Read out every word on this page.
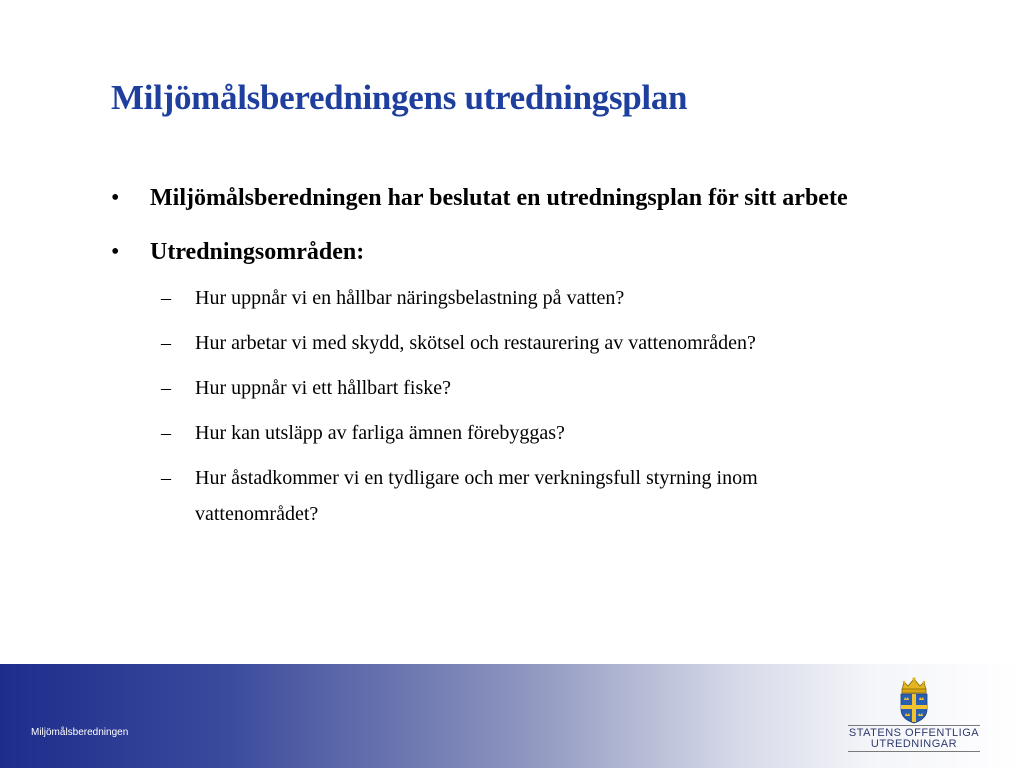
Miljömålsberedningens utredningsplan
•
Miljömålsberedningen har beslutat en utredningsplan för sitt arbete
•
Utredningsområden:
–
Hur uppnår vi en hållbar näringsbelastning på vatten?
–
Hur arbetar vi med skydd, skötsel och restaurering av vattenområden?
–
Hur uppnår vi ett hållbart fiske?
–
Hur kan utsläpp av farliga ämnen förebyggas?
–
Hur åstadkommer vi en tydligare och mer verkningsfull styrning inom vattenområdet?
Miljömålsberedningen	STATENS OFFENTLIGA
UTREDNINGAR
